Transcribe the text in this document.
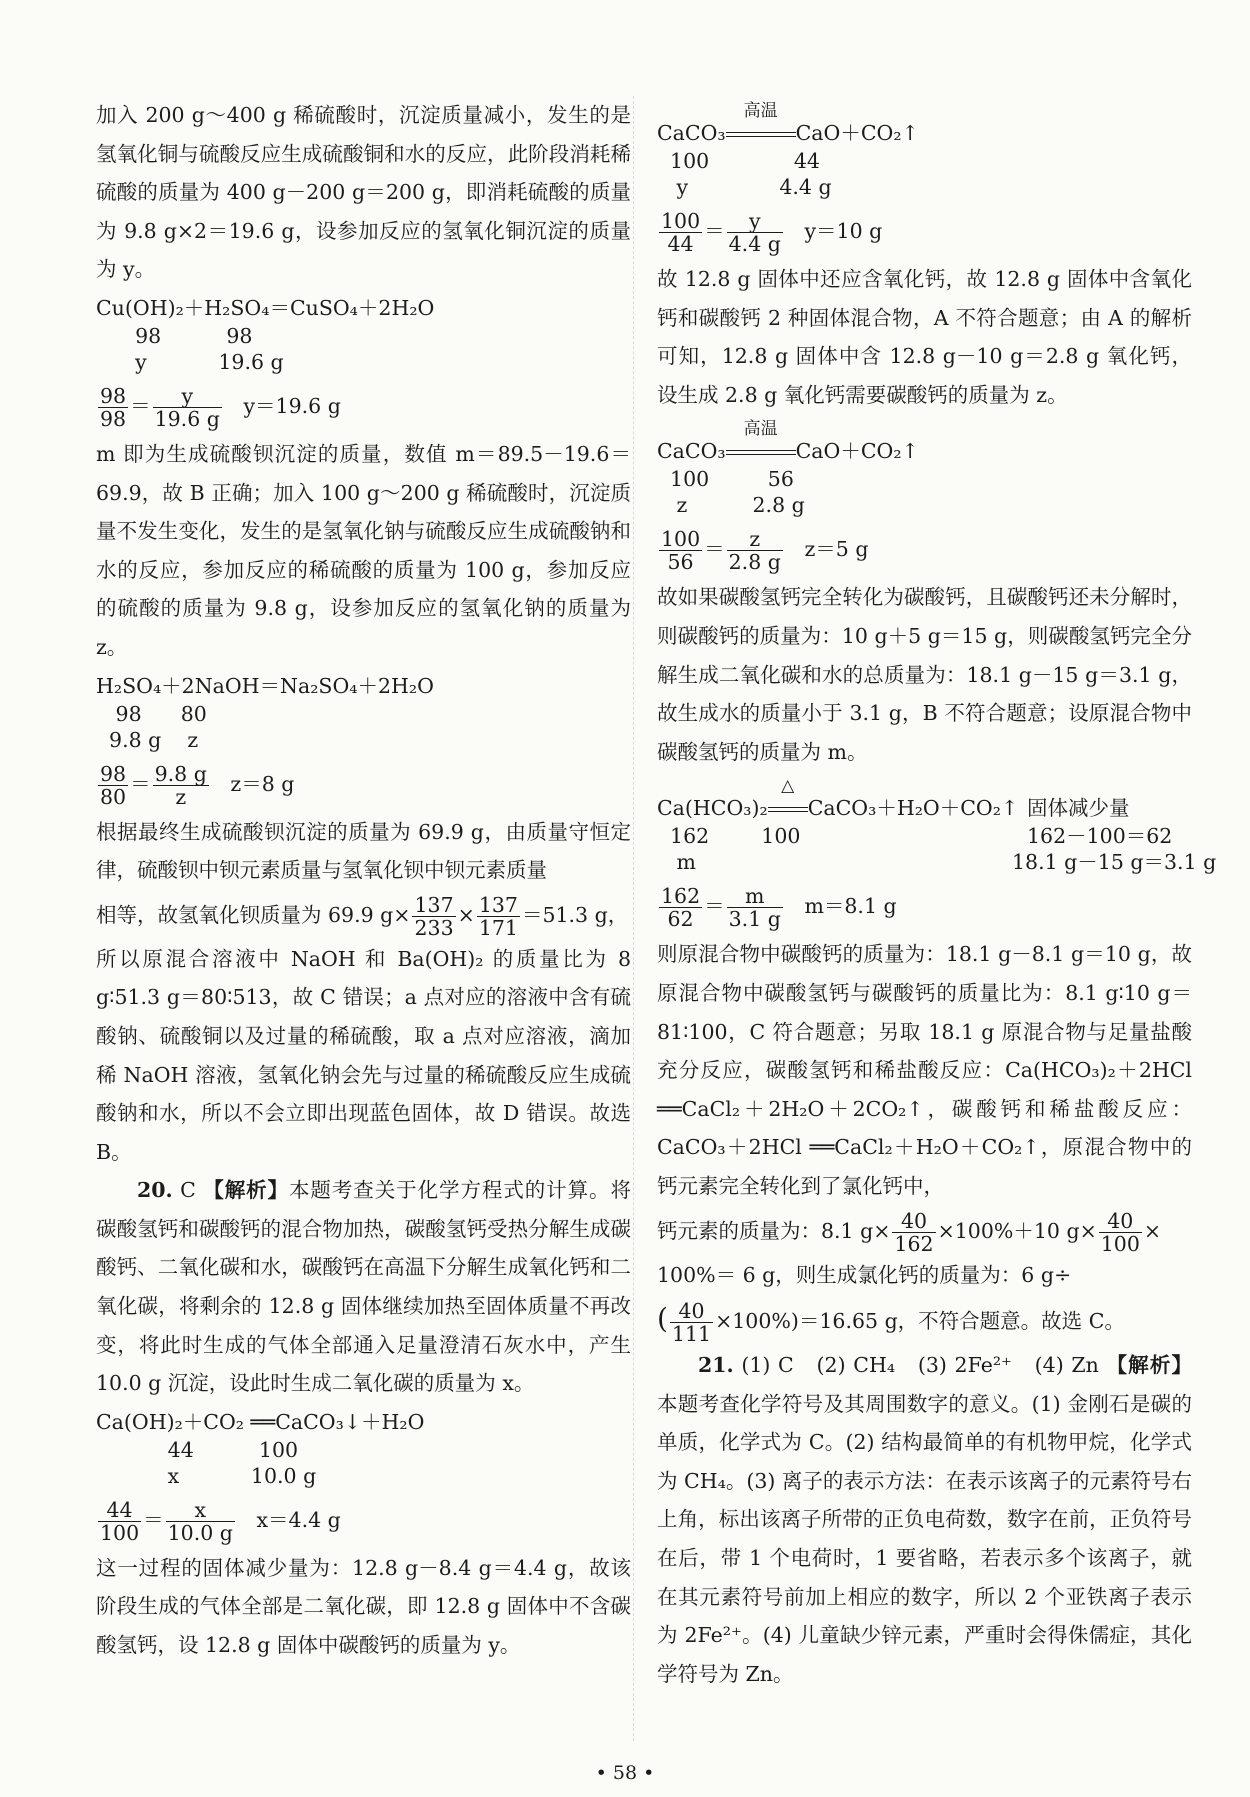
加入 200 g～400 g 稀硫酸时，沉淀质量减小，发生的是氢氧化铜与硫酸反应生成硫酸铜和水的反应，此阶段消耗稀硫酸的质量为 400 g－200 g＝200 g，即消耗硫酸的质量为 9.8 g×2＝19.6 g，设参加反应的氢氧化铜沉淀的质量为 y。
Cu(OH)₂＋H₂SO₄＝CuSO₄＋2H₂O
98          98
y           19.6 g
$\frac{98}{98} = \frac{y}{19.6 g} y=19.6$ g
m 即为生成硫酸钡沉淀的质量，数值 m＝89.5－19.6＝69.9，故 B 正确；加入 100 g～200 g 稀硫酸时，沉淀质量不发生变化，发生的是氢氧化钠与硫酸反应生成硫酸钠和水的反应，参加反应的稀硫酸的质量为 100 g，参加反应的硫酸的质量为 9.8 g，设参加反应的氢氧化钠的质量为 z。
H₂SO₄＋2NaOH＝Na₂SO₄＋2H₂O
98      80
9.8 g    z
$\frac{98}{80} = \frac{9.8 g}{z} z=8$ g
根据最终生成硫酸钡沉淀的质量为 69.9 g，由质量守恒定律，硫酸钡中钡元素质量与氢氧化钡中钡元素质量
相等，故氢氧化钡质量为 69.9 $g\times \frac{137}{233} \times \frac{137}{171} =51.3$ g，
所以原混合溶液中 NaOH 和 Ba(OH)₂ 的质量比为 8 g∶51.3 g＝80∶513，故 C 错误；a 点对应的溶液中含有硫酸钠、硫酸铜以及过量的稀硫酸，取 a 点对应溶液，滴加稀 NaOH 溶液，氢氧化钠会先与过量的稀硫酸反应生成硫酸钠和水，所以不会立即出现蓝色固体，故 D 错误。故选 B。
20. C 【解析】本题考查关于化学方程式的计算。将碳酸氢钙和碳酸钙的混合物加热，碳酸氢钙受热分解生成碳酸钙、二氧化碳和水，碳酸钙在高温下分解生成氧化钙和二氧化碳，将剩余的 12.8 g 固体继续加热至固体质量不再改变，将此时生成的气体全部通入足量澄清石灰水中，产生 10.0 g 沉淀，设此时生成二氧化碳的质量为 x。
Ca(OH)₂＋CO₂ ══CaCO₃↓＋H₂O
44          100
x           10.0 g
$\frac{44}{100} = \frac{x}{10.0 g} x=4.4$ g
这一过程的固体减少量为：12.8 g－8.4 g＝4.4 g，故该阶段生成的气体全部是二氧化碳，即 12.8 g 固体中不含碳酸氢钙，设 12.8 g 固体中碳酸钙的质量为 y。
CaCO₃
高温
CaO＋CO₂↑
100             44
y              4.4 g
$\frac{100}{44} = \frac{y}{4.4 g} y=10$ g
故 12.8 g 固体中还应含氧化钙，故 12.8 g 固体中含氧化钙和碳酸钙 2 种固体混合物，A 不符合题意；由 A 的解析可知，12.8 g 固体中含 12.8 g－10 g＝2.8 g 氧化钙，设生成 2.8 g 氧化钙需要碳酸钙的质量为 z。
CaCO₃
高温
CaO＋CO₂↑
100         56
z          2.8 g
$\frac{100}{56} = \frac{z}{2.8 g} z=5$ g
故如果碳酸氢钙完全转化为碳酸钙，且碳酸钙还未分解时，则碳酸钙的质量为：10 g＋5 g＝15 g，则碳酸氢钙完全分解生成二氧化碳和水的总质量为：18.1 g－15 g＝3.1 g，故生成水的质量小于 3.1 g，B 不符合题意；设原混合物中碳酸氢钙的质量为 m。
Ca(HCO₃)₂
△
CaCO₃＋H₂O＋CO₂↑ 固体减少量
162        100	162－100＝62
m	18.1 g－15 g＝3.1 g
$\frac{162}{62} = \frac{m}{3.1 g} m=8.1$ g
则原混合物中碳酸钙的质量为：18.1 g－8.1 g＝10 g，故原混合物中碳酸氢钙与碳酸钙的质量比为：8.1 g∶10 g＝81∶100，C 符合题意；另取 18.1 g 原混合物与足量盐酸充分反应，碳酸氢钙和稀盐酸反应：Ca(HCO₃)₂＋2HCl ══CaCl₂＋2H₂O＋2CO₂↑，碳酸钙和稀盐酸反应：CaCO₃＋2HCl ══CaCl₂＋H₂O＋CO₂↑，原混合物中的钙元素完全转化到了氯化钙中，
钙元素的质量为：8.1 $g\times \frac{40}{162} \times 100\%+10$ $g\times \frac{40}{100}$ ×
100%＝ 6 g，则生成氯化钙的质量为：6 g÷
( $\frac{40}{111} \times 100\%)=16.65$ g，不符合题意。故选 C。
21. (1) C　(2) CH₄　(3) 2Fe²⁺　(4) Zn 【解析】本题考查化学符号及其周围数字的意义。(1) 金刚石是碳的单质，化学式为 C。(2) 结构最简单的有机物甲烷，化学式为 CH₄。(3) 离子的表示方法：在表示该离子的元素符号右上角，标出该离子所带的正负电荷数，数字在前，正负符号在后，带 1 个电荷时，1 要省略，若表示多个该离子，就在其元素符号前加上相应的数字，所以 2 个亚铁离子表示为 2Fe²⁺。(4) 儿童缺少锌元素，严重时会得侏儒症，其化学符号为 Zn。
• 58 •
